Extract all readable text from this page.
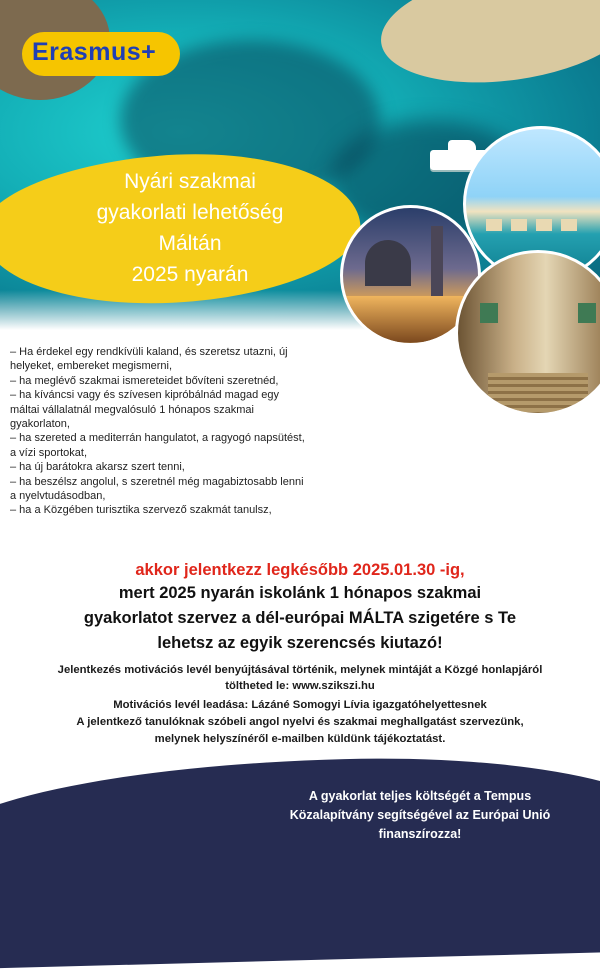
Erasmus+
Nyári szakmai
gyakorlati lehetőség
Máltán
2025 nyarán
– Ha érdekel egy rendkívüli kaland, és szeretsz utazni, új
helyeket, embereket megismerni,
– ha meglévő szakmai ismereteidet bővíteni szeretnéd,
– ha kíváncsi vagy és szívesen kipróbálnád magad egy
máltai vállalatnál megvalósuló 1 hónapos szakmai
gyakorlaton,
– ha szereted a mediterrán hangulatot, a ragyogó napsütést,
a vízi sportokat,
– ha új barátokra akarsz szert tenni,
– ha beszélsz angolul, s szeretnél még magabiztosabb lenni
a nyelvtudásodban,
– ha a Közgében turisztika szervező szakmát tanulsz,
akkor jelentkezz legkésőbb 2025.01.30 -ig,
mert 2025 nyarán iskolánk 1 hónapos szakmai
gyakorlatot szervez a dél-európai MÁLTA szigetére s Te
lehetsz az egyik szerencsés kiutazó!
Jelentkezés motivációs levél benyújtásával történik, melynek mintáját a Közgé honlapjáról
töltheted le: www.szikszi.hu
Motivációs levél leadása: Lázáné Somogyi Lívia igazgatóhelyettesnek
A jelentkező tanulóknak szóbeli angol nyelvi és szakmai meghallgatást szervezünk,
melynek helyszínéről e-mailben küldünk tájékoztatást.
A gyakorlat teljes költségét a Tempus
Közalapítvány segítségével az Európai Unió
finanszírozza!
